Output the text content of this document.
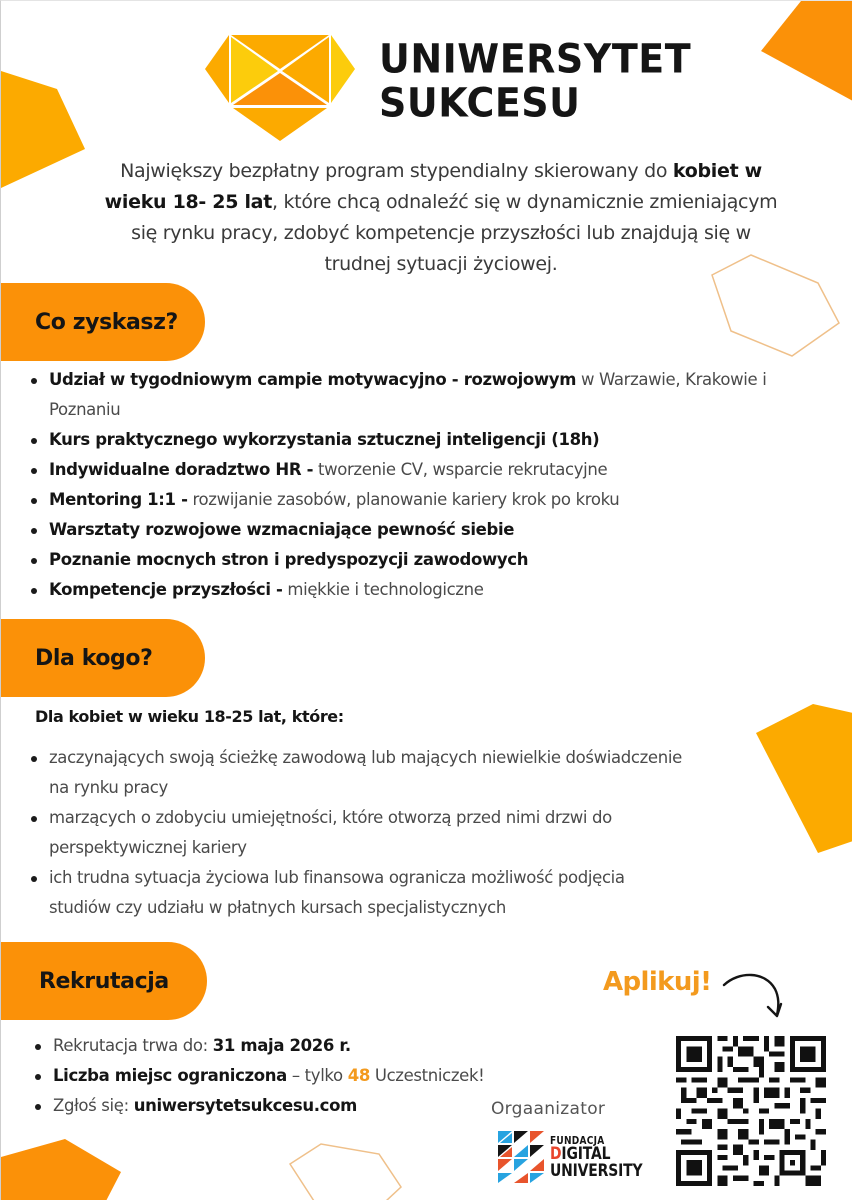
UNIWERSYTET
SUKCESU

Największy bezpłatny program stypendialny skierowany do kobiet w wieku 18- 25 lat, które chcą odnaleźć się w dynamicznie zmieniającym się rynku pracy, zdobyć kompetencje przyszłości lub znajdują się w trudnej sytuacji życiowej.

Co zyskasz?
Udział w tygodniowym campie motywacyjno - rozwojowym w Warzawie, Krakowie i Poznaniu
Kurs praktycznego wykorzystania sztucznej inteligencji (18h)
Indywidualne doradztwo HR - tworzenie CV, wsparcie rekrutacyjne
Mentoring 1:1 - rozwijanie zasobów, planowanie kariery krok po kroku
Warsztaty rozwojowe wzmacniające pewność siebie
Poznanie mocnych stron i predyspozycji zawodowych
Kompetencje przyszłości - miękkie i technologiczne
Dla kogo?
Dla kobiet w wieku 18-25 lat, które:
zaczynających swoją ścieżkę zawodową lub mających niewielkie doświadczenie na rynku pracy
marzących o zdobyciu umiejętności, które otworzą przed nimi drzwi do perspektywicznej kariery
ich trudna sytuacja życiowa lub finansowa ogranicza możliwość podjęcia studiów czy udziału w płatnych kursach specjalistycznych
Rekrutacja
Rekrutacja trwa do: 31 maja 2026 r.
Liczba miejsc ograniczona – tylko 48 Uczestniczek!
Zgłoś się: uniwersytetsukcesu.com
Aplikuj!
Orgaanizator
FUNDACJA
DIGITAL
UNIVERSITY
